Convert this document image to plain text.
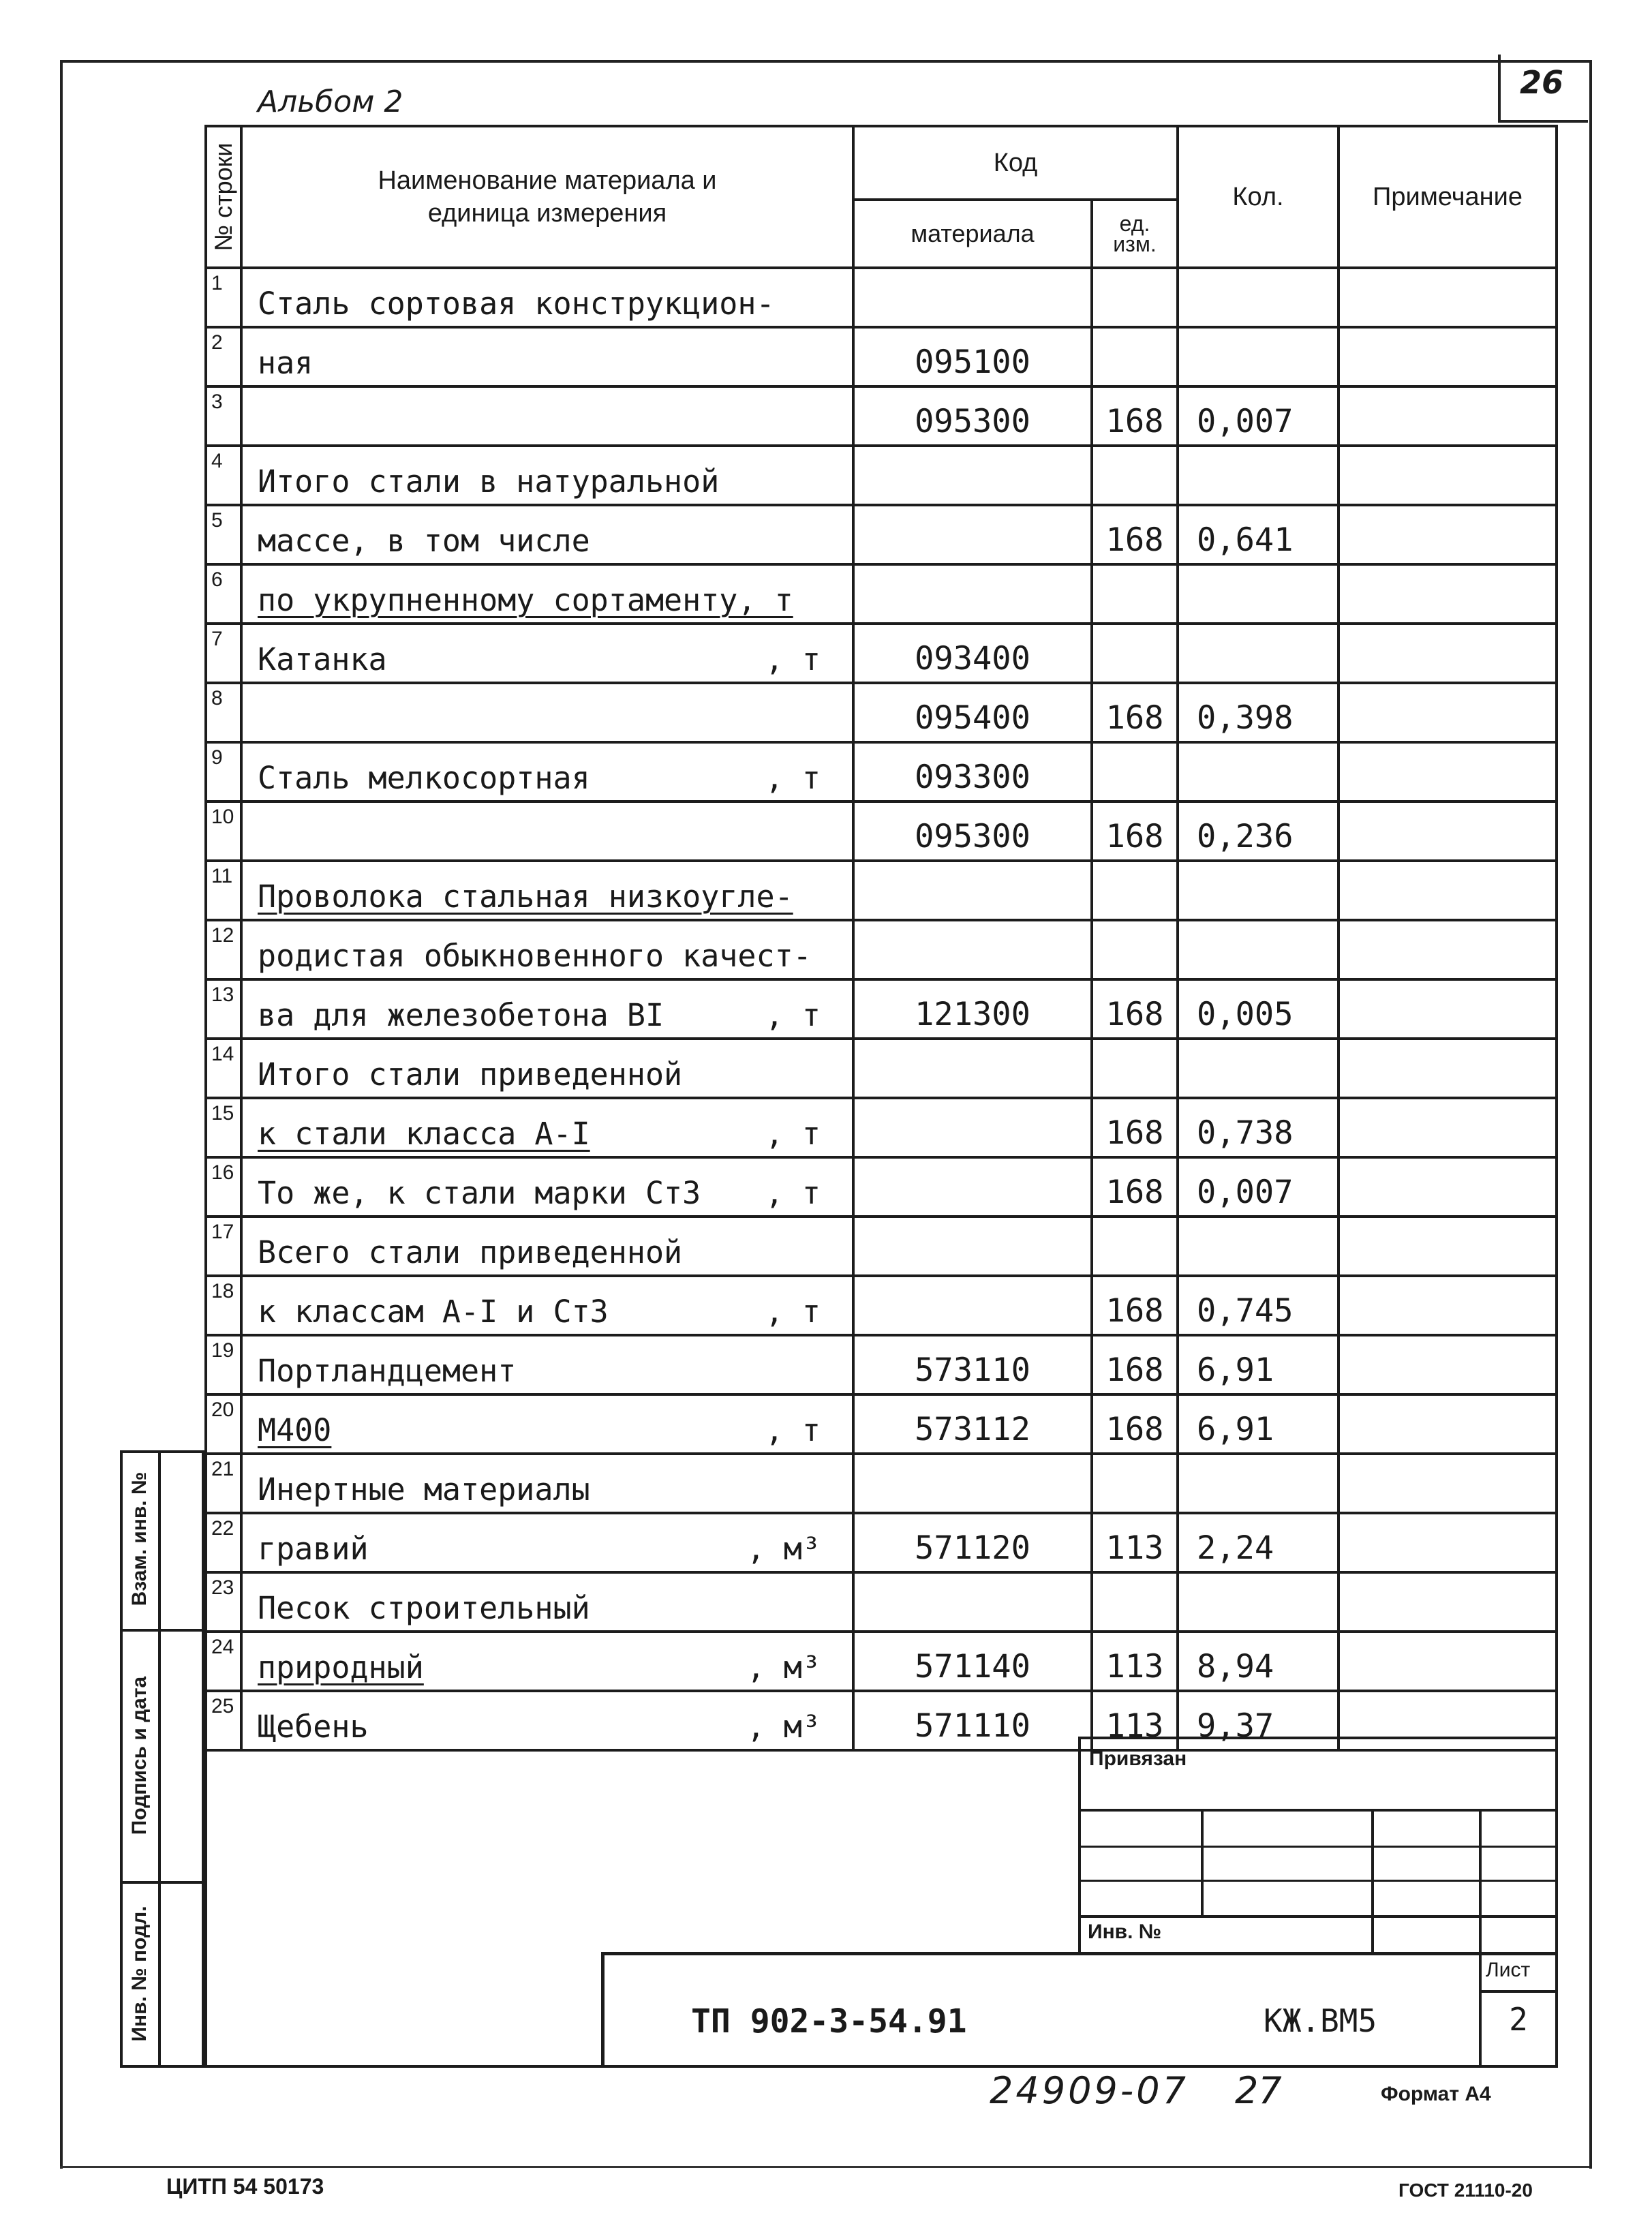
26
Альбом 2
№ строки	Наименование материала и единица измерения	Код		Кол.	Примечание
		материала	ед. изм.		

1	Сталь сортовая конструкцион-

2	ная	095100			
3		095300	168	0,007	
4	Итого стали в натуральной

5	массе, в том числе		168	0,641	
6	по укрупненному сортаменту, т

7	Катанка , т	093400			
8		095400	168	0,398	
9	Сталь мелкосортная , т	093300			
10		095300	168	0,236	
11	Проволока стальная низкоугле-

12	родистая обыкновенного качест-

13	ва для железобетона BI , т	121300	168	0,005	
14	Итого стали приведенной

15	к стали класса А-I , т		168	0,738	
16	То же, к стали марки Ст3 , т		168	0,007	
17	Всего стали приведенной

18	к классам А-I и Ст3 , т		168	0,745	
19	Портландцемент	573110	168	6,91	
20	М400 , т	573112	168	6,91	
21	Инертные материалы

22	гравий , м³	571120	113	2,24	
23	Песок строительный

24	природный , м³	571140	113	8,94	
25	Щебень , м³	571110	113	9,37	
Взам. инв. №
Подпись и дата
Инв. № подл.
Привязан
Инв. №
Лист
2
ТП 902-3-54.91	КЖ.ВМ5
24909-07 27	Формат А4
ЦИТП 54 50173	ГОСТ 21110-20
